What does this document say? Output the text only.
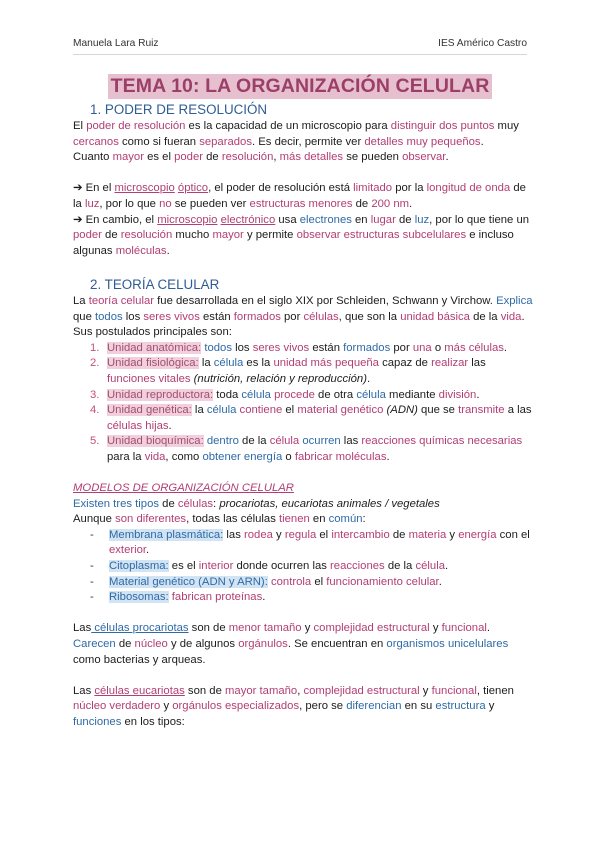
Manuela Lara Ruiz	IES Américo Castro
TEMA 10: LA ORGANIZACIÓN CELULAR
1. PODER DE RESOLUCIÓN

El poder de resolución es la capacidad de un microscopio para distinguir dos puntos muy cercanos como si fueran separados. Es decir, permite ver detalles muy pequeños.

Cuanto mayor es el poder de resolución, más detalles se pueden observar.

➔ En el microscopio óptico, el poder de resolución está limitado por la longitud de onda de la luz, por lo que no se pueden ver estructuras menores de 200 nm.

➔ En cambio, el microscopio electrónico usa electrones en lugar de luz, por lo que tiene un poder de resolución mucho mayor y permite observar estructuras subcelulares e incluso algunas moléculas.

2. TEORÍA CELULAR

La teoría celular fue desarrollada en el siglo XIX por Schleiden, Schwann y Virchow. Explica que todos los seres vivos están formados por células, que son la unidad básica de la vida.

Sus postulados principales son:

1. Unidad anatómica: todos los seres vivos están formados por una o más células.
2. Unidad fisiológica: la célula es la unidad más pequeña capaz de realizar las funciones vitales (nutrición, relación y reproducción).
3. Unidad reproductora: toda célula procede de otra célula mediante división.
4. Unidad genética: la célula contiene el material genético (ADN) que se transmite a las células hijas.
5. Unidad bioquímica: dentro de la célula ocurren las reacciones químicas necesarias para la vida, como obtener energía o fabricar moléculas.

MODELOS DE ORGANIZACIÓN CELULAR

Existen tres tipos de células: procariotas, eucariotas animales / vegetales

Aunque son diferentes, todas las células tienen en común:

- Membrana plasmática: las rodea y regula el intercambio de materia y energía con el exterior.
- Citoplasma: es el interior donde ocurren las reacciones de la célula.
- Material genético (ADN y ARN): controla el funcionamiento celular.
- Ribosomas: fabrican proteínas.

Las células procariotas son de menor tamaño y complejidad estructural y funcional. Carecen de núcleo y de algunos orgánulos. Se encuentran en organismos unicelulares como bacterias y arqueas.

Las células eucariotas son de mayor tamaño, complejidad estructural y funcional, tienen núcleo verdadero y orgánulos especializados, pero se diferencian en su estructura y funciones en los tipos:
